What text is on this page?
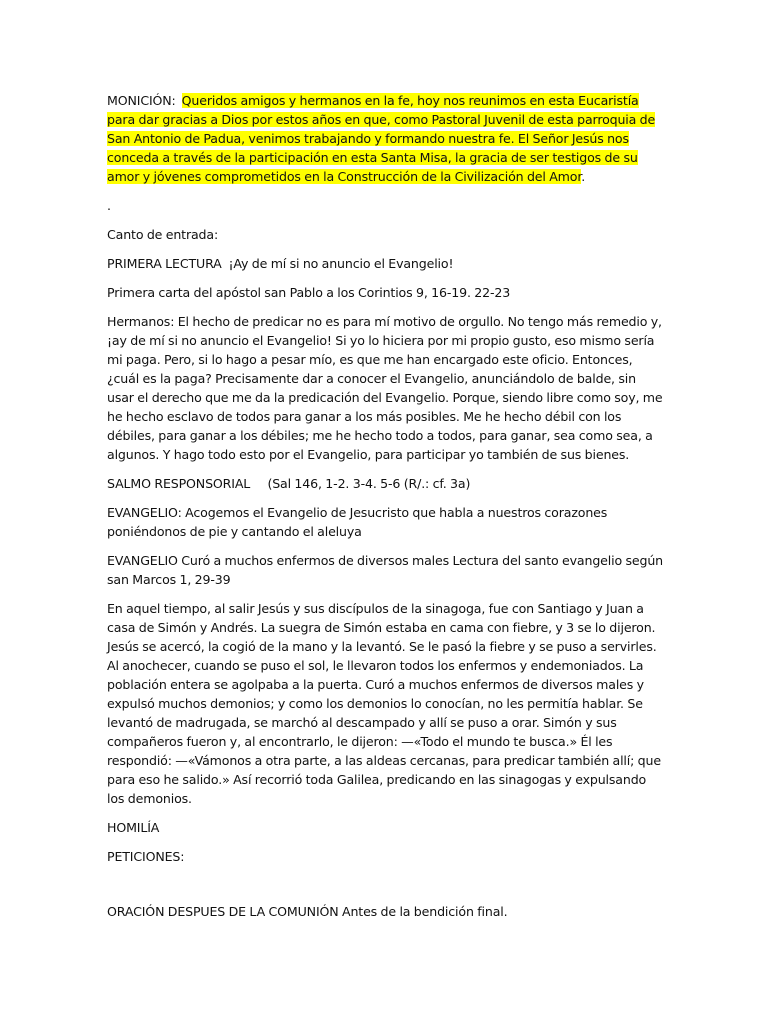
MONICIÓN: Queridos amigos y hermanos en la fe, hoy nos reunimos en esta Eucaristía para dar gracias a Dios por estos años en que, como Pastoral Juvenil de esta parroquia de San Antonio de Padua, venimos trabajando y formando nuestra fe. El Señor Jesús nos conceda a través de la participación en esta Santa Misa, la gracia de ser testigos de su amor y jóvenes comprometidos en la Construcción de la Civilización del Amor.

.

Canto de entrada:

PRIMERA LECTURA  ¡Ay de mí si no anuncio el Evangelio!

Primera carta del apóstol san Pablo a los Corintios 9, 16-19. 22-23

Hermanos: El hecho de predicar no es para mí motivo de orgullo. No tengo más remedio y, ¡ay de mí si no anuncio el Evangelio! Si yo lo hiciera por mi propio gusto, eso mismo sería mi paga. Pero, si lo hago a pesar mío, es que me han encargado este oficio. Entonces, ¿cuál es la paga? Precisamente dar a conocer el Evangelio, anunciándolo de balde, sin usar el derecho que me da la predicación del Evangelio. Porque, siendo libre como soy, me he hecho esclavo de todos para ganar a los más posibles. Me he hecho débil con los débiles, para ganar a los débiles; me he hecho todo a todos, para ganar, sea como sea, a algunos. Y hago todo esto por el Evangelio, para participar yo también de sus bienes.

SALMO RESPONSORIAL     (Sal 146, 1-2. 3-4. 5-6 (R/.: cf. 3a)

EVANGELIO: Acogemos el Evangelio de Jesucristo que habla a nuestros corazones poniéndonos de pie y cantando el aleluya

EVANGELIO Curó a muchos enfermos de diversos males Lectura del santo evangelio según san Marcos 1, 29-39

En aquel tiempo, al salir Jesús y sus discípulos de la sinagoga, fue con Santiago y Juan a casa de Simón y Andrés. La suegra de Simón estaba en cama con fiebre, y 3 se lo dijeron. Jesús se acercó, la cogió de la mano y la levantó. Se le pasó la fiebre y se puso a servirles. Al anochecer, cuando se puso el sol, le llevaron todos los enfermos y endemoniados. La población entera se agolpaba a la puerta. Curó a muchos enfermos de diversos males y expulsó muchos demonios; y como los demonios lo conocían, no les permitía hablar. Se levantó de madrugada, se marchó al descampado y allí se puso a orar. Simón y sus compañeros fueron y, al encontrarlo, le dijeron: —«Todo el mundo te busca.» Él les respondió: —«Vámonos a otra parte, a las aldeas cercanas, para predicar también allí; que para eso he salido.» Así recorrió toda Galilea, predicando en las sinagogas y expulsando los demonios.

HOMILÍA

PETICIONES:

ORACIÓN DESPUES DE LA COMUNIÓN Antes de la bendición final.
